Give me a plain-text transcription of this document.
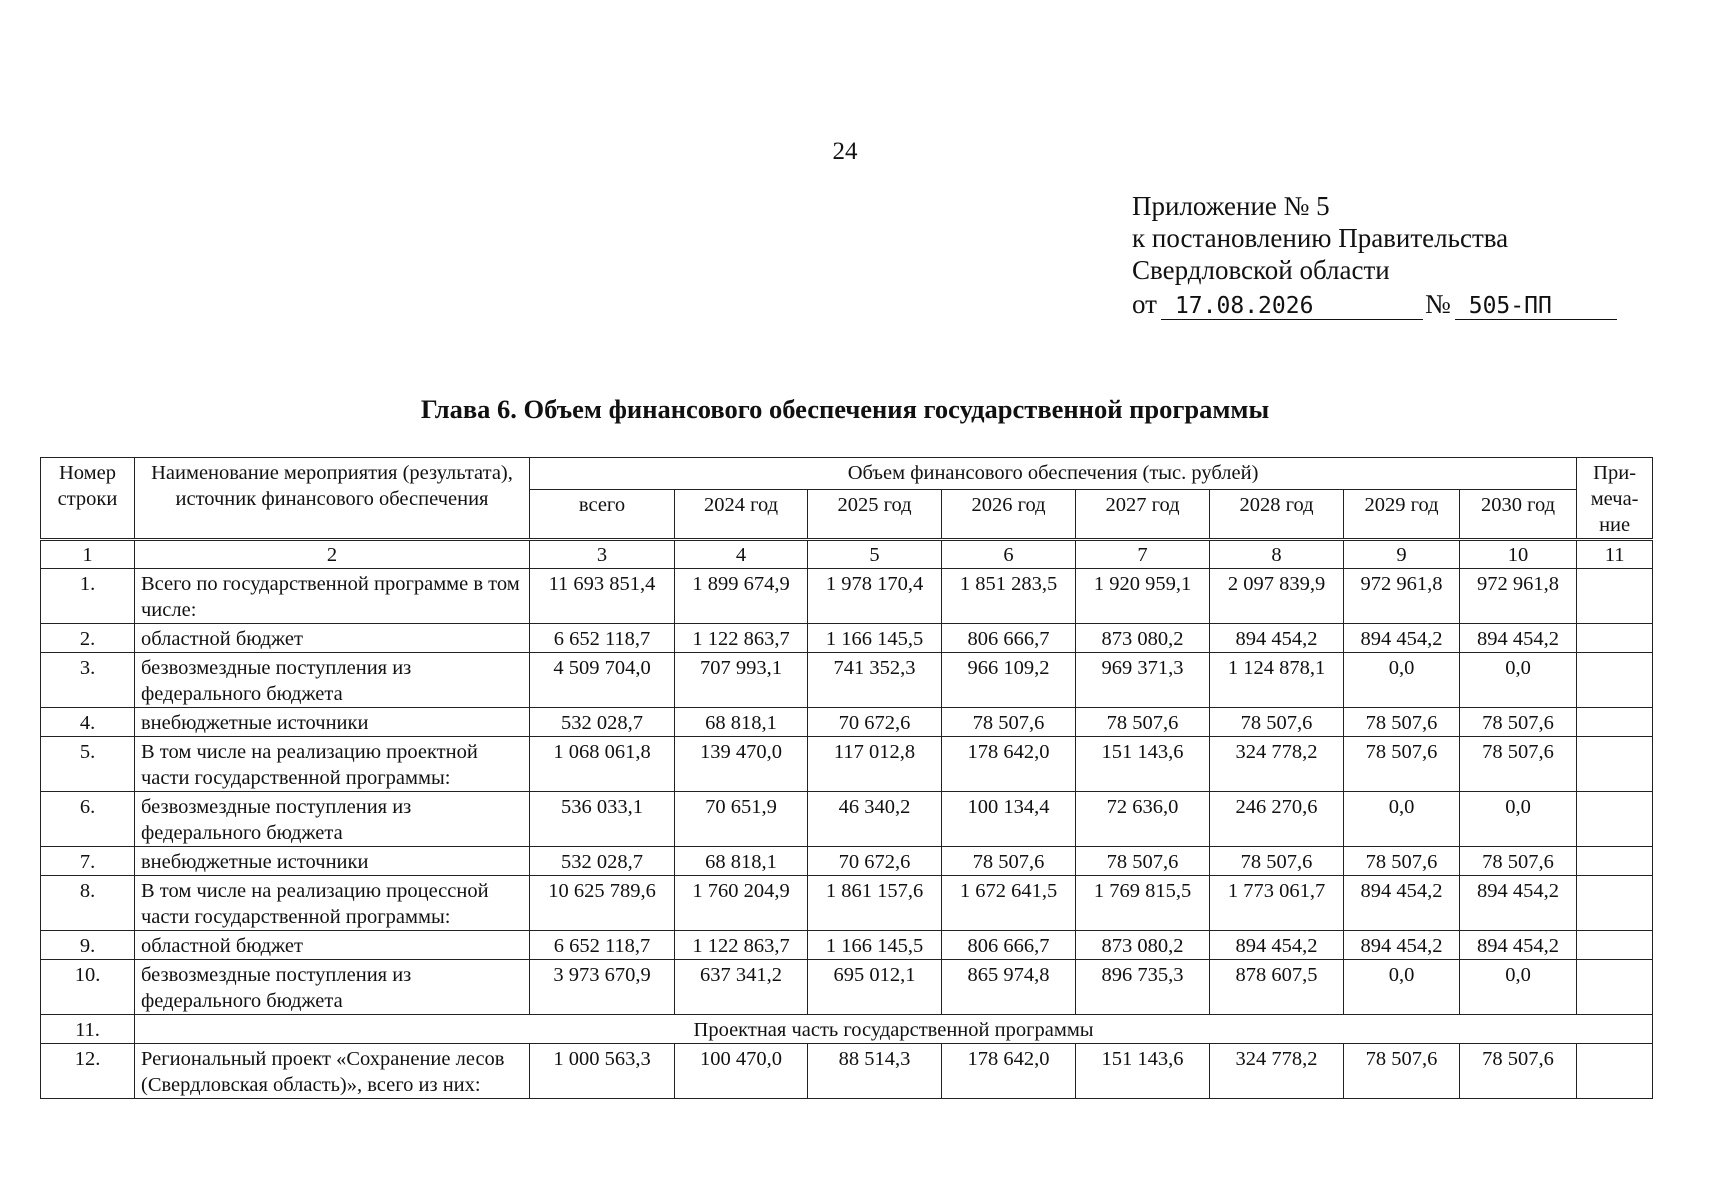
24
Приложение № 5
к постановлению Правительства
Свердловской области
от 17.08.2026	№ 505-ПП
Глава 6. Объем финансового обеспечения государственной программы
Номер строки	Наименование мероприятия (результата), источник финансового обеспечения	Объем финансового обеспечения (тыс. рублей)								При-меча-ние
		всего	2024 год	2025 год	2026 год	2027 год	2028 год	2029 год	2030 год	
1	2	3	4	5	6	7	8	9	10	11
1.	Всего по государственной программе в том числе:	11 693 851,4	1 899 674,9	1 978 170,4	1 851 283,5	1 920 959,1	2 097 839,9	972 961,8	972 961,8	
2.	областной бюджет	6 652 118,7	1 122 863,7	1 166 145,5	806 666,7	873 080,2	894 454,2	894 454,2	894 454,2	
3.	безвозмездные поступления из федерального бюджета	4 509 704,0	707 993,1	741 352,3	966 109,2	969 371,3	1 124 878,1	0,0	0,0	
4.	внебюджетные источники	532 028,7	68 818,1	70 672,6	78 507,6	78 507,6	78 507,6	78 507,6	78 507,6	
5.	В том числе на реализацию проектной части государственной программы:	1 068 061,8	139 470,0	117 012,8	178 642,0	151 143,6	324 778,2	78 507,6	78 507,6	
6.	безвозмездные поступления из федерального бюджета	536 033,1	70 651,9	46 340,2	100 134,4	72 636,0	246 270,6	0,0	0,0	
7.	внебюджетные источники	532 028,7	68 818,1	70 672,6	78 507,6	78 507,6	78 507,6	78 507,6	78 507,6	
8.	В том числе на реализацию процессной части государственной программы:	10 625 789,6	1 760 204,9	1 861 157,6	1 672 641,5	1 769 815,5	1 773 061,7	894 454,2	894 454,2	
9.	областной бюджет	6 652 118,7	1 122 863,7	1 166 145,5	806 666,7	873 080,2	894 454,2	894 454,2	894 454,2	
10.	безвозмездные поступления из федерального бюджета	3 973 670,9	637 341,2	695 012,1	865 974,8	896 735,3	878 607,5	0,0	0,0	
11.	Проектная часть государственной программы									
12.	Региональный проект «Сохранение лесов (Свердловская область)», всего из них:	1 000 563,3	100 470,0	88 514,3	178 642,0	151 143,6	324 778,2	78 507,6	78 507,6	
